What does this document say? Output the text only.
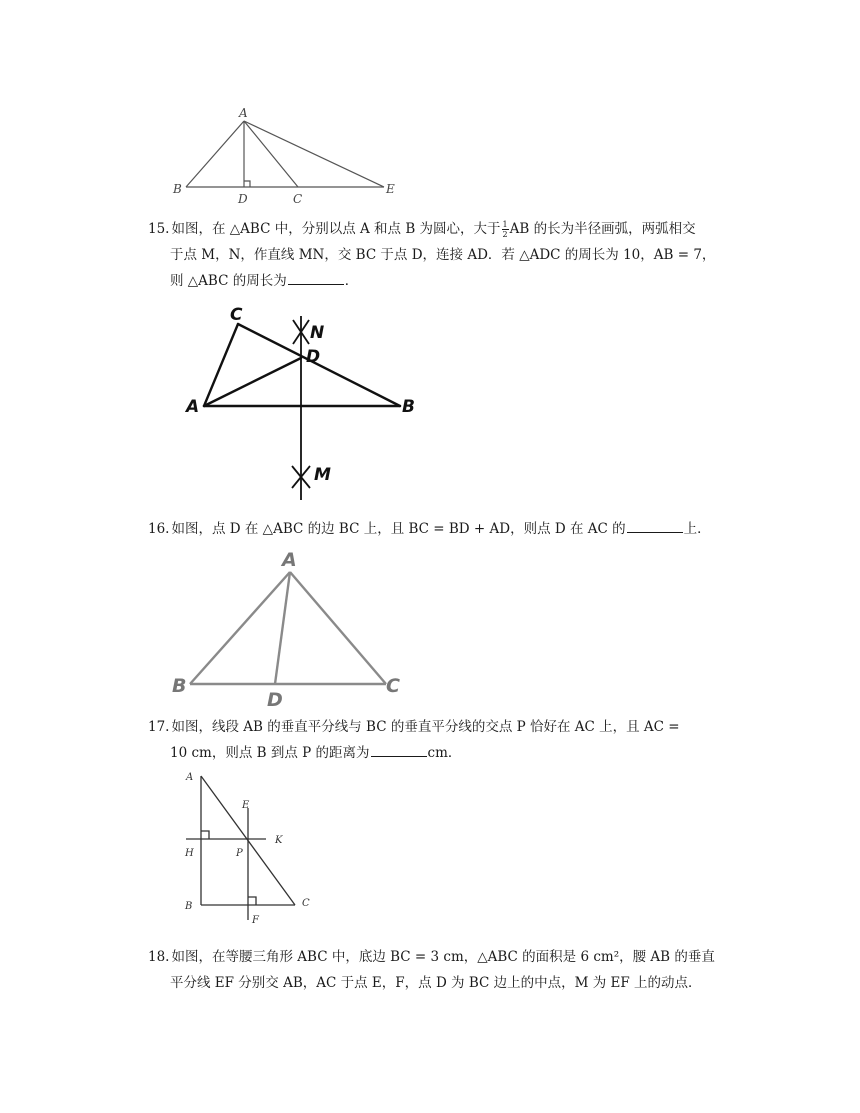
A
B
D	C
E
15. 如图，在 △ABC 中，分别以点 A 和点 B 为圆心，大于 $\frac{1}{2}$ AB 的长为半径画弧，两弧相交
于点 M，N，作直线 MN，交 BC 于点 D，连接 AD．若 △ADC 的周长为 10，AB = 7，
则 △ABC 的周长为	．
C
N
D
A	B
M
16. 如图，点 D 在 △ABC 的边 BC 上，且 BC = BD + AD，则点 D 在 AC 的	上．
A
B
D
C
17. 如图，线段 AB 的垂直平分线与 BC 的垂直平分线的交点 P 恰好在 AC 上，且 AC =
10 cm，则点 B 到点 P 的距离为	cm．
A
E
H	P
K
B
F
C
18. 如图，在等腰三角形 ABC 中，底边 BC = 3 cm，△ABC 的面积是 6 cm²，腰 AB 的垂直
平分线 EF 分别交 AB，AC 于点 E，F，点 D 为 BC 边上的中点，M 为 EF 上的动点．
